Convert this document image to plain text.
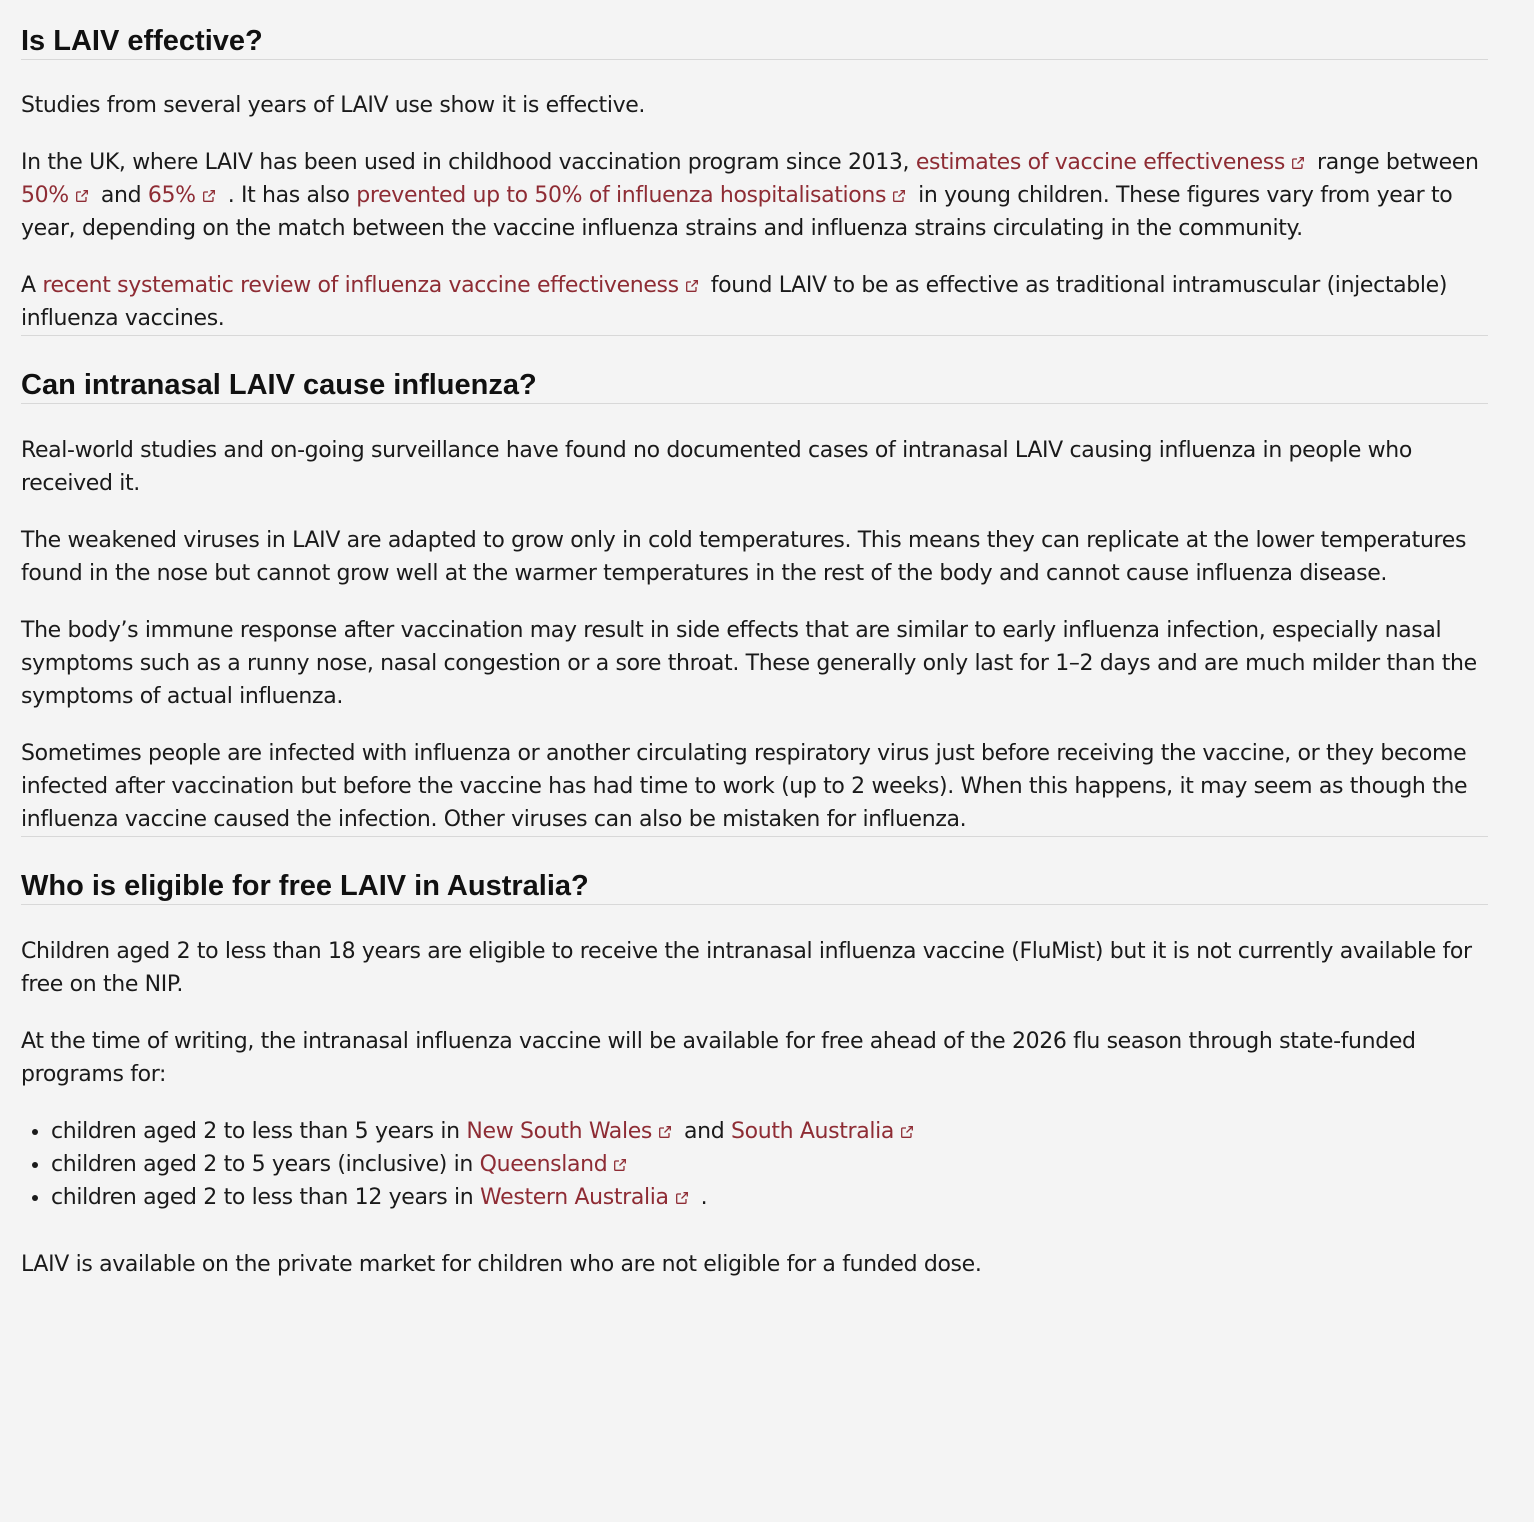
Is LAIV effective?

Studies from several years of LAIV use show it is effective.

In the UK, where LAIV has been used in childhood vaccination program since 2013, estimates of vaccine effectiveness range between 50% and 65% . It has also prevented up to 50% of influenza hospitalisations in young children. These figures vary from year to year, depending on the match between the vaccine influenza strains and influenza strains circulating in the community.

A recent systematic review of influenza vaccine effectiveness found LAIV to be as effective as traditional intramuscular (injectable) influenza vaccines.

Can intranasal LAIV cause influenza?

Real-world studies and on-going surveillance have found no documented cases of intranasal LAIV causing influenza in people who received it.

The weakened viruses in LAIV are adapted to grow only in cold temperatures. This means they can replicate at the lower temperatures found in the nose but cannot grow well at the warmer temperatures in the rest of the body and cannot cause influenza disease.

The body’s immune response after vaccination may result in side effects that are similar to early influenza infection, especially nasal symptoms such as a runny nose, nasal congestion or a sore throat. These generally only last for 1–2 days and are much milder than the symptoms of actual influenza.

Sometimes people are infected with influenza or another circulating respiratory virus just before receiving the vaccine, or they become infected after vaccination but before the vaccine has had time to work (up to 2 weeks). When this happens, it may seem as though the influenza vaccine caused the infection. Other viruses can also be mistaken for influenza.

Who is eligible for free LAIV in Australia?

Children aged 2 to less than 18 years are eligible to receive the intranasal influenza vaccine (FluMist) but it is not currently available for free on the NIP.

At the time of writing, the intranasal influenza vaccine will be available for free ahead of the 2026 flu season through state-funded programs for:

• children aged 2 to less than 5 years in New South Wales and South Australia
• children aged 2 to 5 years (inclusive) in Queensland
• children aged 2 to less than 12 years in Western Australia .

LAIV is available on the private market for children who are not eligible for a funded dose.
